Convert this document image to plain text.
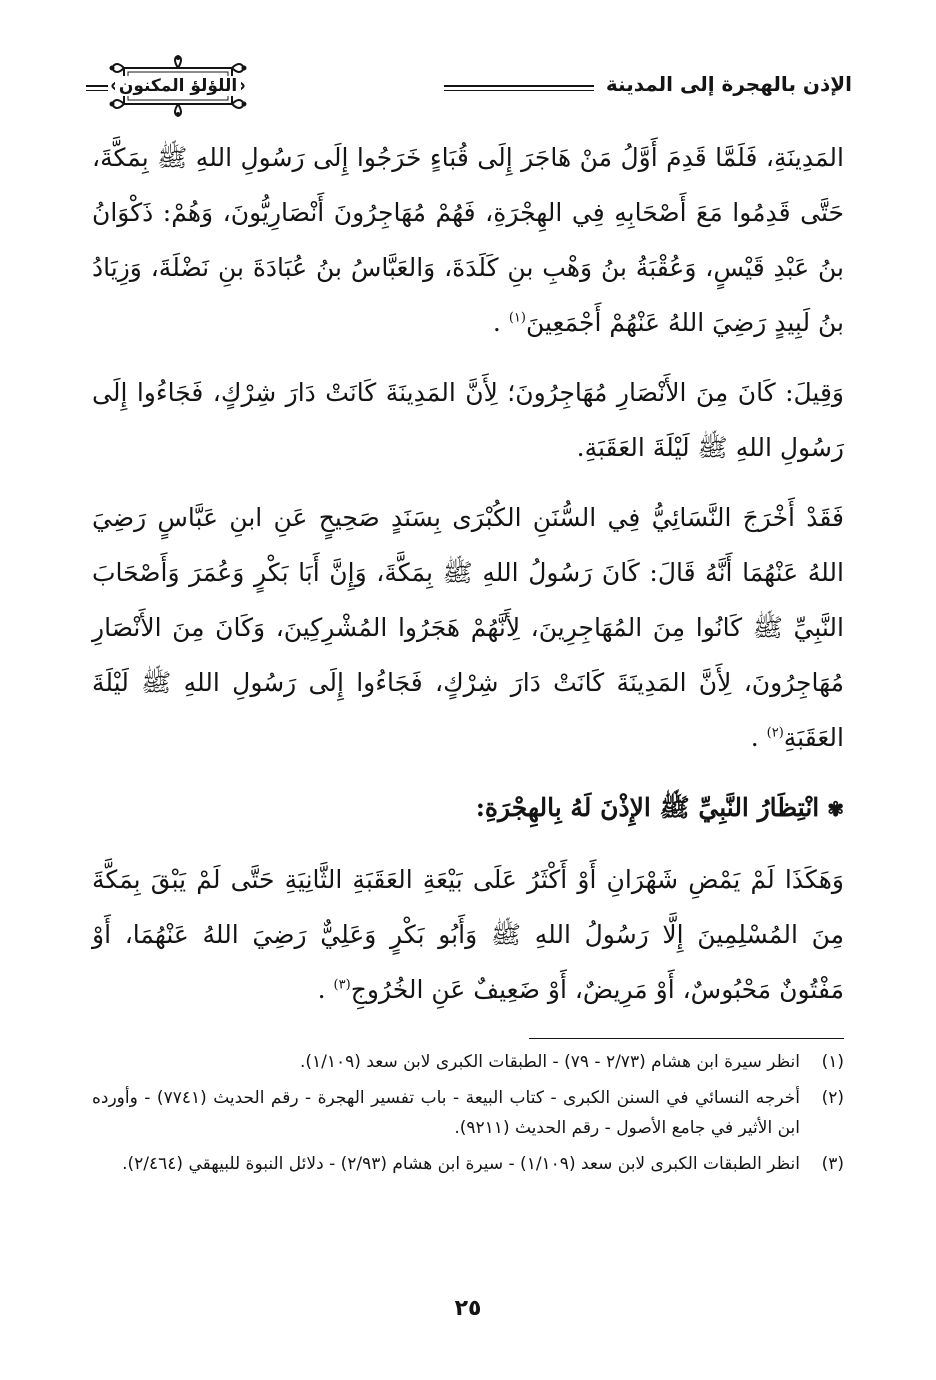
الإذن بالهجرة إلى المدينة
اللؤلؤ المكنون

المَدِينَةِ، فَلَمَّا قَدِمَ أَوَّلُ مَنْ هَاجَرَ إِلَى قُبَاءٍ خَرَجُوا إِلَى رَسُولِ اللهِ ﷺ بِمَكَّةَ، حَتَّى قَدِمُوا مَعَ أَصْحَابِهِ فِي الهِجْرَةِ، فَهُمْ مُهَاجِرُونَ أَنْصَارِيُّونَ، وَهُمْ: ذَكْوَانُ بنُ عَبْدِ قَيْسٍ، وَعُقْبَةُ بنُ وَهْبِ بنِ كَلَدَةَ، وَالعَبَّاسُ بنُ عُبَادَةَ بنِ نَضْلَةَ، وَزِيَادُ بنُ لَبِيدٍ رَضِيَ اللهُ عَنْهُمْ أَجْمَعِينَ$^{(١)}$ .

وَقِيلَ: كَانَ مِنَ الأَنْصَارِ مُهَاجِرُونَ؛ لِأَنَّ المَدِينَةَ كَانَتْ دَارَ شِرْكٍ، فَجَاءُوا إِلَى رَسُولِ اللهِ ﷺ لَيْلَةَ العَقَبَةِ.

فَقَدْ أَخْرَجَ النَّسَائِيُّ فِي السُّنَنِ الكُبْرَى بِسَنَدٍ صَحِيحٍ عَنِ ابنِ عَبَّاسٍ رَضِيَ اللهُ عَنْهُمَا أَنَّهُ قَالَ: كَانَ رَسُولُ اللهِ ﷺ بِمَكَّةَ، وَإِنَّ أَبَا بَكْرٍ وَعُمَرَ وَأَصْحَابَ النَّبِيِّ ﷺ كَانُوا مِنَ المُهَاجِرِينَ، لِأَنَّهُمْ هَجَرُوا المُشْرِكِينَ، وَكَانَ مِنَ الأَنْصَارِ مُهَاجِرُونَ، لِأَنَّ المَدِينَةَ كَانَتْ دَارَ شِرْكٍ، فَجَاءُوا إِلَى رَسُولِ اللهِ ﷺ لَيْلَةَ العَقَبَةِ$^{(٢)}$ .

✾انْتِظَارُ النَّبِيِّ ﷺ الإِذْنَ لَهُ بِالهِجْرَةِ:

وَهَكَذَا لَمْ يَمْضِ شَهْرَانِ أَوْ أَكْثَرُ عَلَى بَيْعَةِ العَقَبَةِ الثَّانِيَةِ حَتَّى لَمْ يَبْقَ بِمَكَّةَ مِنَ المُسْلِمِينَ إِلَّا رَسُولُ اللهِ ﷺ وَأَبُو بَكْرٍ وَعَلِيٌّ رَضِيَ اللهُ عَنْهُمَا، أَوْ مَفْتُونٌ مَحْبُوسٌ، أَوْ مَرِيضٌ، أَوْ ضَعِيفٌ عَنِ الخُرُوجِ$^{(٣)}$ .

(١)
انظر سيرة ابن هشام (٢/٧٣ - ٧٩) - الطبقات الكبرى لابن سعد (١/١٠٩).
(٢)
أخرجه النسائي في السنن الكبرى - كتاب البيعة - باب تفسير الهجرة - رقم الحديث (٧٧٤١) - وأورده ابن الأثير في جامع الأصول - رقم الحديث (٩٢١١).
(٣)
انظر الطبقات الكبرى لابن سعد (١/١٠٩) - سيرة ابن هشام (٢/٩٣) - دلائل النبوة للبيهقي (٢/٤٦٤).
٢٥
